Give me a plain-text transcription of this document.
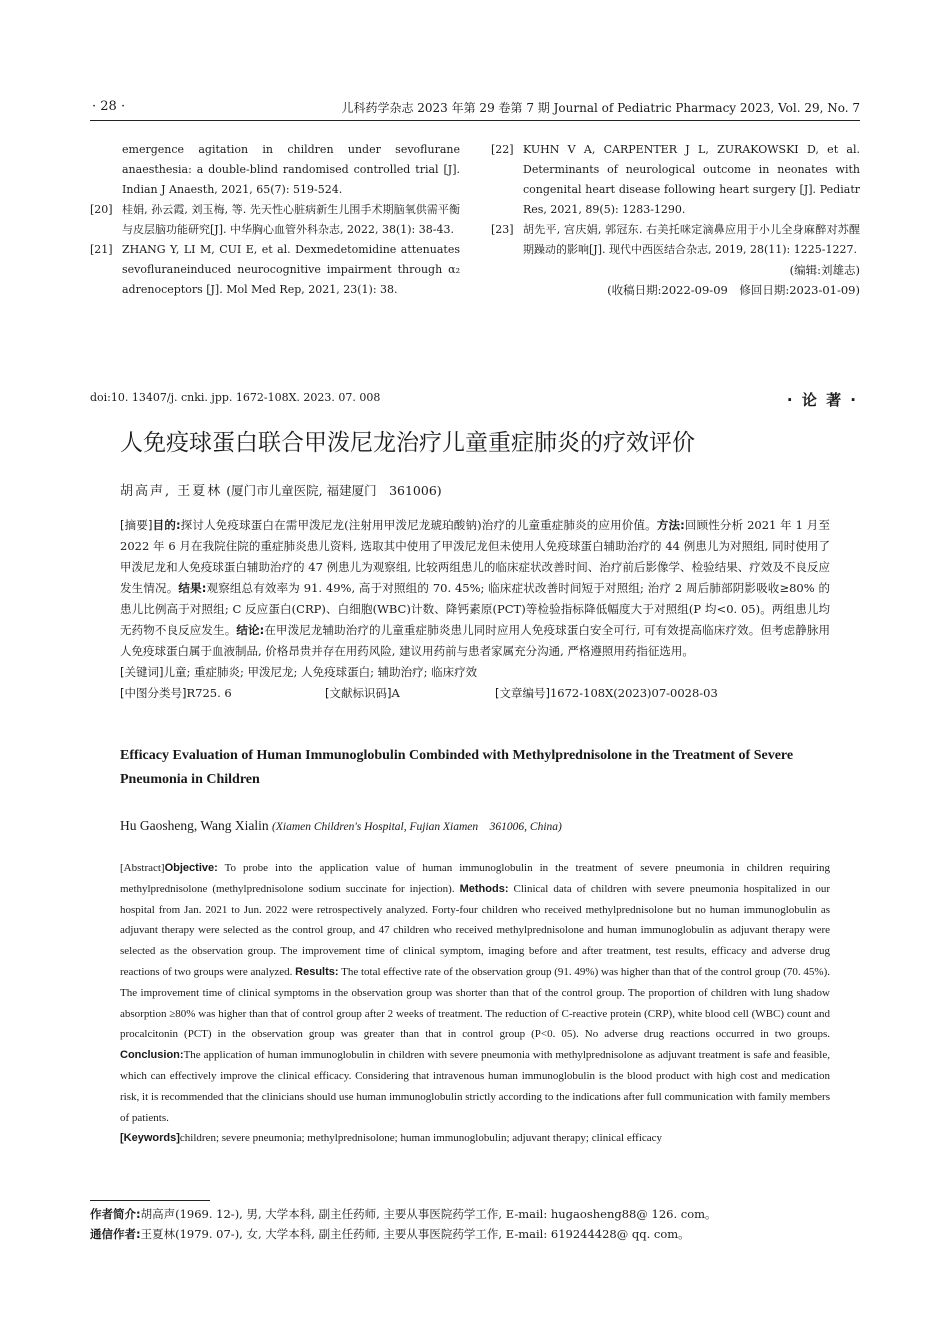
· 28 ·	儿科药学杂志 2023 年第 29 卷第 7 期 Journal of Pediatric Pharmacy 2023, Vol. 29, No. 7
emergence agitation in children under sevoflurane anaesthesia: a double-blind randomised controlled trial [J]. Indian J Anaesth, 2021, 65(7): 519-524.
[20] 桂娟, 孙云霞, 刘玉梅, 等. 先天性心脏病新生儿围手术期脑氧供需平衡与皮层脑功能研究[J]. 中华胸心血管外科杂志, 2022, 38(1): 38-43.
[21] ZHANG Y, LI M, CUI E, et al. Dexmedetomidine attenuates sevofluraneinduced neurocognitive impairment through α₂ adrenoceptors [J]. Mol Med Rep, 2021, 23(1): 38.
[22] KUHN V A, CARPENTER J L, ZURAKOWSKI D, et al. Determinants of neurological outcome in neonates with congenital heart disease following heart surgery [J]. Pediatr Res, 2021, 89(5): 1283-1290.
[23] 胡先平, 宫庆娟, 郭冠东. 右美托咪定滴鼻应用于小儿全身麻醉对苏醒期躁动的影响[J]. 现代中西医结合杂志, 2019, 28(11): 1225-1227.
(编辑:刘雄志)
(收稿日期:2022-09-09　修回日期:2023-01-09)
doi:10. 13407/j. cnki. jpp. 1672-108X. 2023. 07. 008	· 论 著 ·
人免疫球蛋白联合甲泼尼龙治疗儿童重症肺炎的疗效评价
胡高声, 王夏林 (厦门市儿童医院, 福建厦门　361006)
[摘要]目的:探讨人免疫球蛋白在需甲泼尼龙(注射用甲泼尼龙琥珀酸钠)治疗的儿童重症肺炎的应用价值。方法:回顾性分析 2021 年 1 月至 2022 年 6 月在我院住院的重症肺炎患儿资料, 选取其中使用了甲泼尼龙但未使用人免疫球蛋白辅助治疗的 44 例患儿为对照组, 同时使用了甲泼尼龙和人免疫球蛋白辅助治疗的 47 例患儿为观察组, 比较两组患儿的临床症状改善时间、治疗前后影像学、检验结果、疗效及不良反应发生情况。结果:观察组总有效率为 91. 49%, 高于对照组的 70. 45%; 临床症状改善时间短于对照组; 治疗 2 周后肺部阴影吸收≥80% 的患儿比例高于对照组; C 反应蛋白(CRP)、白细胞(WBC)计数、降钙素原(PCT)等检验指标降低幅度大于对照组(P 均<0. 05)。两组患儿均无药物不良反应发生。结论:在甲泼尼龙辅助治疗的儿童重症肺炎患儿同时应用人免疫球蛋白安全可行, 可有效提高临床疗效。但考虑静脉用人免疫球蛋白属于血液制品, 价格昂贵并存在用药风险, 建议用药前与患者家属充分沟通, 严格遵照用药指征选用。
[关键词]儿童; 重症肺炎; 甲泼尼龙; 人免疫球蛋白; 辅助治疗; 临床疗效
[中图分类号]R725. 6	[文献标识码]A	[文章编号]1672-108X(2023)07-0028-03
Efficacy Evaluation of Human Immunoglobulin Combinded with Methylprednisolone in the Treatment of Severe Pneumonia in Children
Hu Gaosheng, Wang Xialin (Xiamen Children's Hospital, Fujian Xiamen　361006, China)
[Abstract]Objective: To probe into the application value of human immunoglobulin in the treatment of severe pneumonia in children requiring methylprednisolone (methylprednisolone sodium succinate for injection). Methods: Clinical data of children with severe pneumonia hospitalized in our hospital from Jan. 2021 to Jun. 2022 were retrospectively analyzed. Forty-four children who received methylprednisolone but no human immunoglobulin as adjuvant therapy were selected as the control group, and 47 children who received methylprednisolone and human immunoglobulin as adjuvant therapy were selected as the observation group. The improvement time of clinical symptom, imaging before and after treatment, test results, efficacy and adverse drug reactions of two groups were analyzed. Results: The total effective rate of the observation group (91. 49%) was higher than that of the control group (70. 45%). The improvement time of clinical symptoms in the observation group was shorter than that of the control group. The proportion of children with lung shadow absorption ≥80% was higher than that of control group after 2 weeks of treatment. The reduction of C-reactive protein (CRP), white blood cell (WBC) count and procalcitonin (PCT) in the observation group was greater than that in control group (P<0. 05). No adverse drug reactions occurred in two groups. Conclusion:The application of human immunoglobulin in children with severe pneumonia with methylprednisolone as adjuvant treatment is safe and feasible, which can effectively improve the clinical efficacy. Considering that intravenous human immunoglobulin is the blood product with high cost and medication risk, it is recommended that the clinicians should use human immunoglobulin strictly according to the indications after full communication with family members of patients.
[Keywords]children; severe pneumonia; methylprednisolone; human immunoglobulin; adjuvant therapy; clinical efficacy
作者简介:胡高声(1969. 12-), 男, 大学本科, 副主任药师, 主要从事医院药学工作, E-mail: hugaosheng88@ 126. com。
通信作者:王夏林(1979. 07-), 女, 大学本科, 副主任药师, 主要从事医院药学工作, E-mail: 619244428@ qq. com。
